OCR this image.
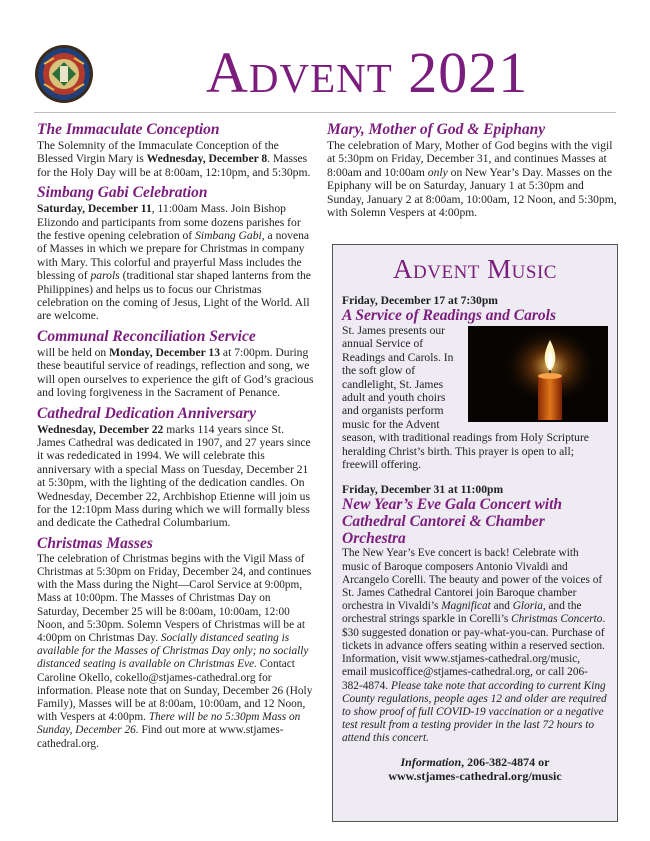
Advent 2021
The Immaculate Conception

The Solemnity of the Immaculate Conception of the Blessed Virgin Mary is Wednesday, December 8. Masses for the Holy Day will be at 8:00am, 12:10pm, and 5:30pm.

Simbang Gabi Celebration

Saturday, December 11, 11:00am Mass. Join Bishop Elizondo and participants from some dozens parishes for the festive opening celebration of Simbang Gabi, a novena of Masses in which we prepare for Christmas in company with Mary. This colorful and prayerful Mass includes the blessing of parols (traditional star shaped lanterns from the Philippines) and helps us to focus our Christmas celebration on the coming of Jesus, Light of the World. All are welcome.

Communal Reconciliation Service

will be held on Monday, December 13 at 7:00pm. During these beautiful service of readings, reflection and song, we will open ourselves to experience the gift of God’s gracious and loving forgiveness in the Sacrament of Penance.

Cathedral Dedication Anniversary

Wednesday, December 22 marks 114 years since St. James Cathedral was dedicated in 1907, and 27 years since it was rededicated in 1994. We will celebrate this anniversary with a special Mass on Tuesday, December 21 at 5:30pm, with the lighting of the dedication candles. On Wednesday, December 22, Archbishop Etienne will join us for the 12:10pm Mass during which we will formally bless and dedicate the Cathedral Columbarium.

Christmas Masses

The celebration of Christmas begins with the Vigil Mass of Christmas at 5:30pm on Friday, December 24, and continues with the Mass during the Night—Carol Service at 9:00pm, Mass at 10:00pm. The Masses of Christmas Day on Saturday, December 25 will be 8:00am, 10:00am, 12:00 Noon, and 5:30pm. Solemn Vespers of Christmas will be at 4:00pm on Christmas Day. Socially distanced seating is available for the Masses of Christmas Day only; no socially distanced seating is available on Christmas Eve. Contact Caroline Okello, cokello@stjames-cathedral.org for information. Please note that on Sunday, December 26 (Holy Family), Masses will be at 8:00am, 10:00am, and 12 Noon, with Vespers at 4:00pm. There will be no 5:30pm Mass on Sunday, December 26. Find out more at www.stjames-cathedral.org.

Mary, Mother of God & Epiphany

The celebration of Mary, Mother of God begins with the vigil at 5:30pm on Friday, December 31, and continues Masses at 8:00am and 10:00am only on New Year’s Day. Masses on the Epiphany will be on Saturday, January 1 at 5:30pm and Sunday, January 2 at 8:00am, 10:00am, 12 Noon, and 5:30pm, with Solemn Vespers at 4:00pm.

Advent Music

Friday, December 17 at 7:30pm

A Service of Readings and Carols

St. James presents our annual Service of Readings and Carols. In the soft glow of candlelight, St. James adult and youth choirs and organists perform music for the Advent season, with traditional readings from Holy Scripture heralding Christ’s birth. This prayer is open to all; freewill offering.

Friday, December 31 at 11:00pm

New Year’s Eve Gala Concert with Cathedral Cantorei & Chamber Orchestra

The New Year’s Eve concert is back! Celebrate with music of Baroque composers Antonio Vivaldi and Arcangelo Corelli. The beauty and power of the voices of St. James Cathedral Cantorei join Baroque chamber orchestra in Vivaldi’s Magnificat and Gloria, and the orchestral strings sparkle in Corelli’s Christmas Concerto. $30 suggested donation or pay-what-you-can. Purchase of tickets in advance offers seating within a reserved section. Information, visit www.stjames-cathedral.org/music, email musicoffice@stjames-cathedral.org, or call 206-382-4874. Please take note that according to current King County regulations, people ages 12 and older are required to show proof of full COVID-19 vaccination or a negative test result from a testing provider in the last 72 hours to attend this concert.

Information, 206-382-4874 or
www.stjames-cathedral.org/music
